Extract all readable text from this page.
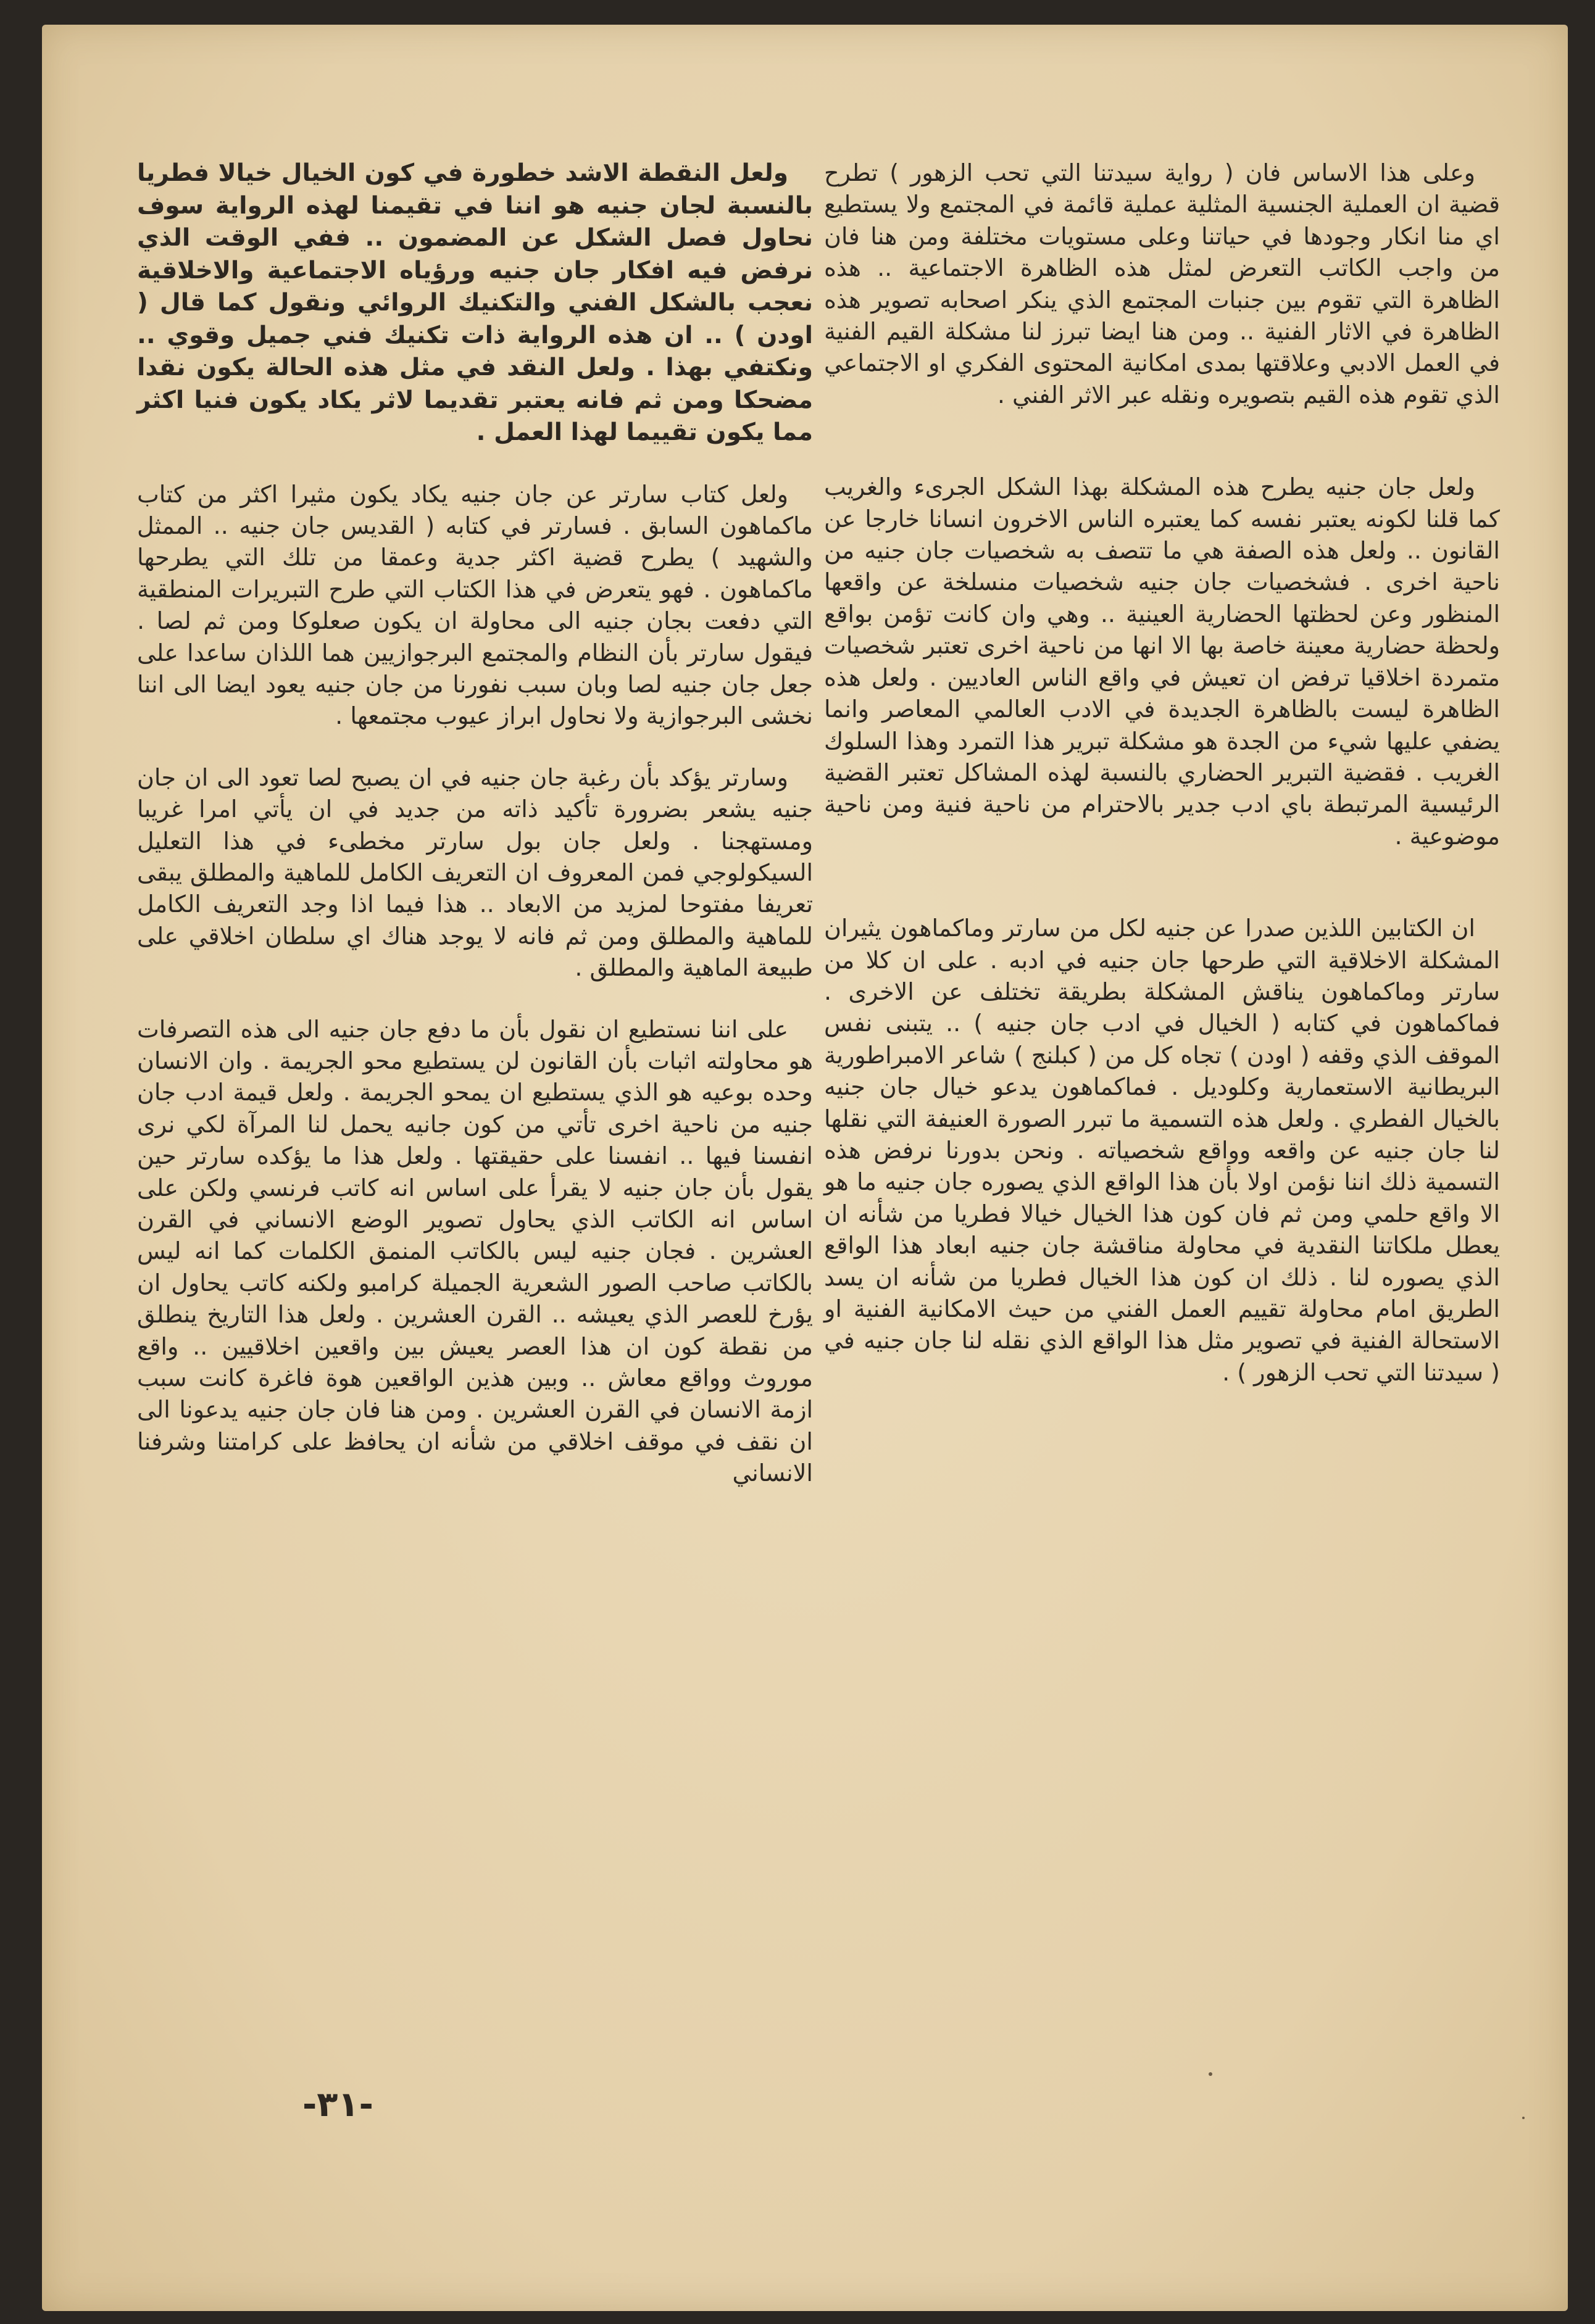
وعلى هذا الاساس فان ( رواية سيدتنا التي تحب الزهور ) تطرح قضية ان العملية الجنسية المثلية عملية قائمة في المجتمع ولا يستطيع اي منا انكار وجودها في حياتنا وعلى مستويات مختلفة ومن هنا فان من واجب الكاتب التعرض لمثل هذه الظاهرة الاجتماعية .. هذه الظاهرة التي تقوم بين جنبات المجتمع الذي ينكر اصحابه تصوير هذه الظاهرة في الاثار الفنية .. ومن هنا ايضا تبرز لنا مشكلة القيم الفنية في العمل الادبي وعلاقتها بمدى امكانية المحتوى الفكري او الاجتماعي الذي تقوم هذه القيم بتصويره ونقله عبر الاثر الفني .

ولعل جان جنيه يطرح هذه المشكلة بهذا الشكل الجرىء والغريب كما قلنا لكونه يعتبر نفسه كما يعتبره الناس الاخرون انسانا خارجا عن القانون .. ولعل هذه الصفة هي ما تتصف به شخصيات جان جنيه من ناحية اخرى . فشخصيات جان جنيه شخصيات منسلخة عن واقعها المنظور وعن لحظتها الحضارية العينية .. وهي وان كانت تؤمن بواقع ولحظة حضارية معينة خاصة بها الا انها من ناحية اخرى تعتبر شخصيات متمردة اخلاقيا ترفض ان تعيش في واقع الناس العاديين . ولعل هذه الظاهرة ليست بالظاهرة الجديدة في الادب العالمي المعاصر وانما يضفي عليها شيء من الجدة هو مشكلة تبرير هذا التمرد وهذا السلوك الغريب . فقضية التبرير الحضاري بالنسبة لهذه المشاكل تعتبر القضية الرئيسية المرتبطة باي ادب جدير بالاحترام من ناحية فنية ومن ناحية موضوعية .

ان الكتابين اللذين صدرا عن جنيه لكل من سارتر وماكماهون يثيران المشكلة الاخلاقية التي طرحها جان جنيه في ادبه . على ان كلا من سارتر وماكماهون يناقش المشكلة بطريقة تختلف عن الاخرى . فماكماهون في كتابه ( الخيال في ادب جان جنيه ) .. يتبنى نفس الموقف الذي وقفه ( اودن ) تجاه كل من ( كبلنج ) شاعر الامبراطورية البريطانية الاستعمارية وكلوديل . فماكماهون يدعو خيال جان جنيه بالخيال الفطري . ولعل هذه التسمية ما تبرر الصورة العنيفة التي نقلها لنا جان جنيه عن واقعه وواقع شخصياته . ونحن بدورنا نرفض هذه التسمية ذلك اننا نؤمن اولا بأن هذا الواقع الذي يصوره جان جنيه ما هو الا واقع حلمي ومن ثم فان كون هذا الخيال خيالا فطريا من شأنه ان يعطل ملكاتنا النقدية في محاولة مناقشة جان جنيه ابعاد هذا الواقع الذي يصوره لنا . ذلك ان كون هذا الخيال فطريا من شأنه ان يسد الطريق امام محاولة تقييم العمل الفني من حيث الامكانية الفنية او الاستحالة الفنية في تصوير مثل هذا الواقع الذي نقله لنا جان جنيه في ( سيدتنا التي تحب الزهور ) .

ولعل النقطة الاشد خطورة في كون الخيال خيالا فطريا بالنسبة لجان جنيه هو اننا في تقيمنا لهذه الرواية سوف نحاول فصل الشكل عن المضمون .. ففي الوقت الذي نرفض فيه افكار جان جنيه ورؤياه الاجتماعية والاخلاقية نعجب بالشكل الفني والتكنيك الروائي ونقول كما قال ( اودن ) .. ان هذه الرواية ذات تكنيك فني جميل وقوي .. ونكتفي بهذا . ولعل النقد في مثل هذه الحالة يكون نقدا مضحكا ومن ثم فانه يعتبر تقديما لاثر يكاد يكون فنيا اكثر مما يكون تقييما لهذا العمل .

ولعل كتاب سارتر عن جان جنيه يكاد يكون مثيرا اكثر من كتاب ماكماهون السابق . فسارتر في كتابه ( القديس جان جنيه .. الممثل والشهيد ) يطرح قضية اكثر جدية وعمقا من تلك التي يطرحها ماكماهون . فهو يتعرض في هذا الكتاب التي طرح التبريرات المنطقية التي دفعت بجان جنيه الى محاولة ان يكون صعلوكا ومن ثم لصا . فيقول سارتر بأن النظام والمجتمع البرجوازيين هما اللذان ساعدا على جعل جان جنيه لصا وبان سبب نفورنا من جان جنيه يعود ايضا الى اننا نخشى البرجوازية ولا نحاول ابراز عيوب مجتمعها .

وسارتر يؤكد بأن رغبة جان جنيه في ان يصبح لصا تعود الى ان جان جنيه يشعر بضرورة تأكيد ذاته من جديد في ان يأتي امرا غريبا ومستهجنا . ولعل جان بول سارتر مخطىء في هذا التعليل السيكولوجي فمن المعروف ان التعريف الكامل للماهية والمطلق يبقى تعريفا مفتوحا لمزيد من الابعاد .. هذا فيما اذا وجد التعريف الكامل للماهية والمطلق ومن ثم فانه لا يوجد هناك اي سلطان اخلاقي على طبيعة الماهية والمطلق .

على اننا نستطيع ان نقول بأن ما دفع جان جنيه الى هذه التصرفات هو محاولته اثبات بأن القانون لن يستطيع محو الجريمة . وان الانسان وحده بوعيه هو الذي يستطيع ان يمحو الجريمة . ولعل قيمة ادب جان جنيه من ناحية اخرى تأتي من كون جانيه يحمل لنا المرآة لكي نرى انفسنا فيها .. انفسنا على حقيقتها . ولعل هذا ما يؤكده سارتر حين يقول بأن جان جنيه لا يقرأ على اساس انه كاتب فرنسي ولكن على اساس انه الكاتب الذي يحاول تصوير الوضع الانساني في القرن العشرين . فجان جنيه ليس بالكاتب المنمق الكلمات كما انه ليس بالكاتب صاحب الصور الشعرية الجميلة كرامبو ولكنه كاتب يحاول ان يؤرخ للعصر الذي يعيشه .. القرن العشرين . ولعل هذا التاريخ ينطلق من نقطة كون ان هذا العصر يعيش بين واقعين اخلاقيين .. واقع موروث وواقع معاش .. وبين هذين الواقعين هوة فاغرة كانت سبب ازمة الانسان في القرن العشرين . ومن هنا فان جان جنيه يدعونا الى ان نقف في موقف اخلاقي من شأنه ان يحافظ على كرامتنا وشرفنا الانساني

-٣١-
